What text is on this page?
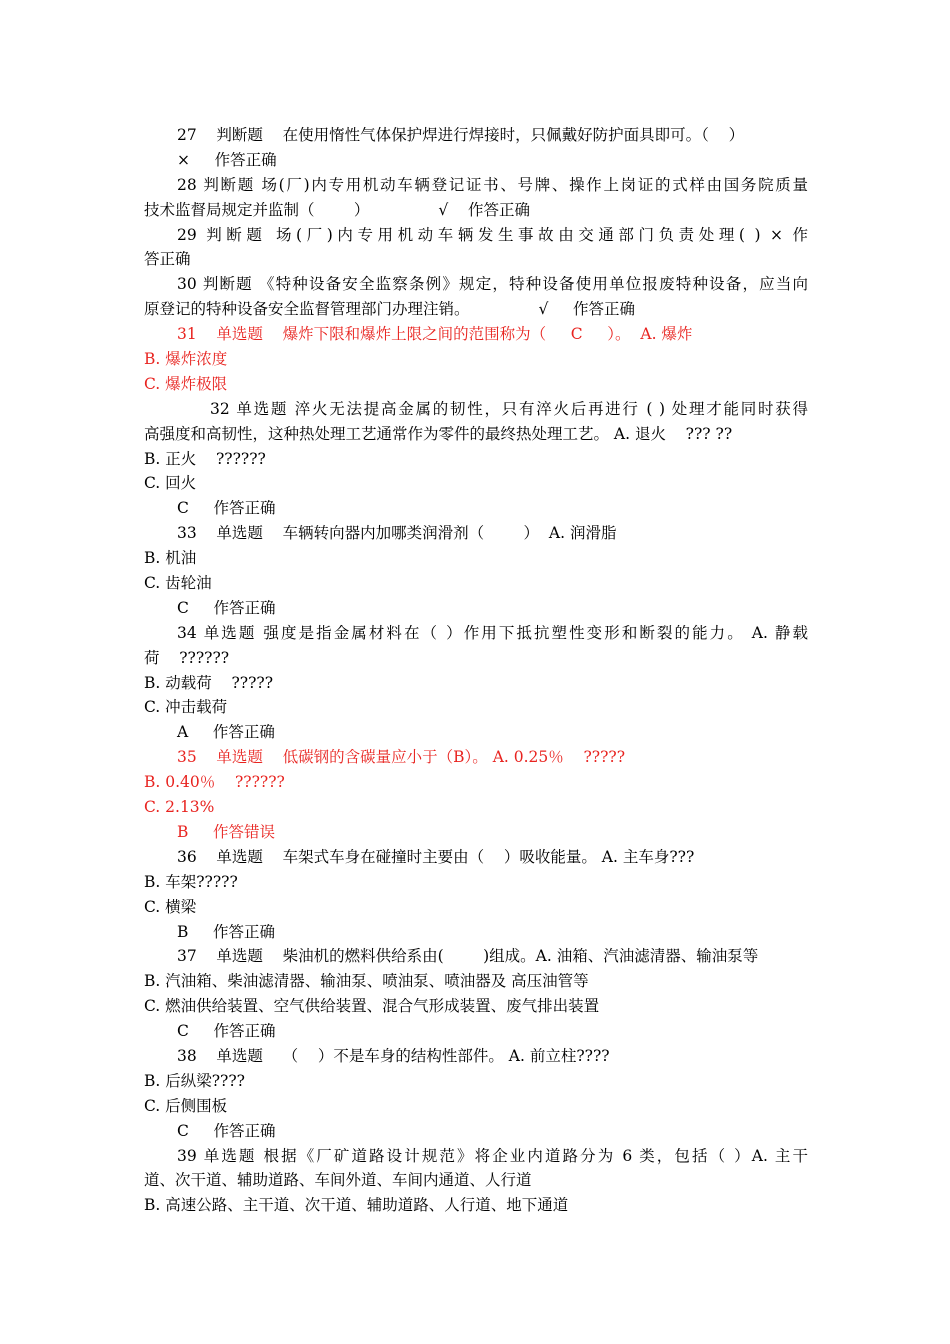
27    判断题    在使用惰性气体保护焊进行焊接时，只佩戴好防护面具即可。（    ）
×     作答正确
28 判断题 场(厂)内专用机动车辆登记证书、号牌、操作上岗证的式样由国务院质量
技术监督局规定并监制（        ）              √    作答正确
29 判断题 场(厂)内专用机动车辆发生事故由交通部门负责处理( ) × 作
答正确
30 判断题 《特种设备安全监察条例》规定，特种设备使用单位报废特种设备，应当向
原登记的特种设备安全监督管理部门办理注销。              √     作答正确
31    单选题    爆炸下限和爆炸上限之间的范围称为（     C     ）。  A. 爆炸
B. 爆炸浓度
C. 爆炸极限
32 单选题 淬火无法提高金属的韧性，只有淬火后再进行 ( ) 处理才能同时获得
高强度和高韧性，这种热处理工艺通常作为零件的最终热处理工艺。 A. 退火    ??? ??
B. 正火    ??????
C. 回火
C     作答正确
33    单选题    车辆转向器内加哪类润滑剂（        ）  A. 润滑脂
B. 机油
C. 齿轮油
C     作答正确
34 单选题 强度是指金属材料在（ ）作用下抵抗塑性变形和断裂的能力。 A. 静载
荷    ??????
B. 动载荷    ?????
C. 冲击载荷
A     作答正确
35    单选题    低碳钢的含碳量应小于（B）。 A. 0.25％    ?????
B. 0.40％    ??????
C. 2.13%
B     作答错误
36    单选题    车架式车身在碰撞时主要由（    ）吸收能量。 A. 主车身???
B. 车架?????
C. 横梁
B     作答正确
37    单选题    柴油机的燃料供给系由(        )组成。A. 油箱、汽油滤清器、输油泵等
B. 汽油箱、柴油滤清器、输油泵、喷油泵、喷油器及 高压油管等
C. 燃油供给装置、空气供给装置、混合气形成装置、废气排出装置
C     作答正确
38    单选题    （    ）不是车身的结构性部件。 A. 前立柱????
B. 后纵梁????
C. 后侧围板
C     作答正确
39 单选题 根据《厂矿道路设计规范》将企业内道路分为 6 类，包括（ ）A. 主干
道、次干道、辅助道路、车间外道、车间内通道、人行道
B. 高速公路、主干道、次干道、辅助道路、人行道、地下通道
